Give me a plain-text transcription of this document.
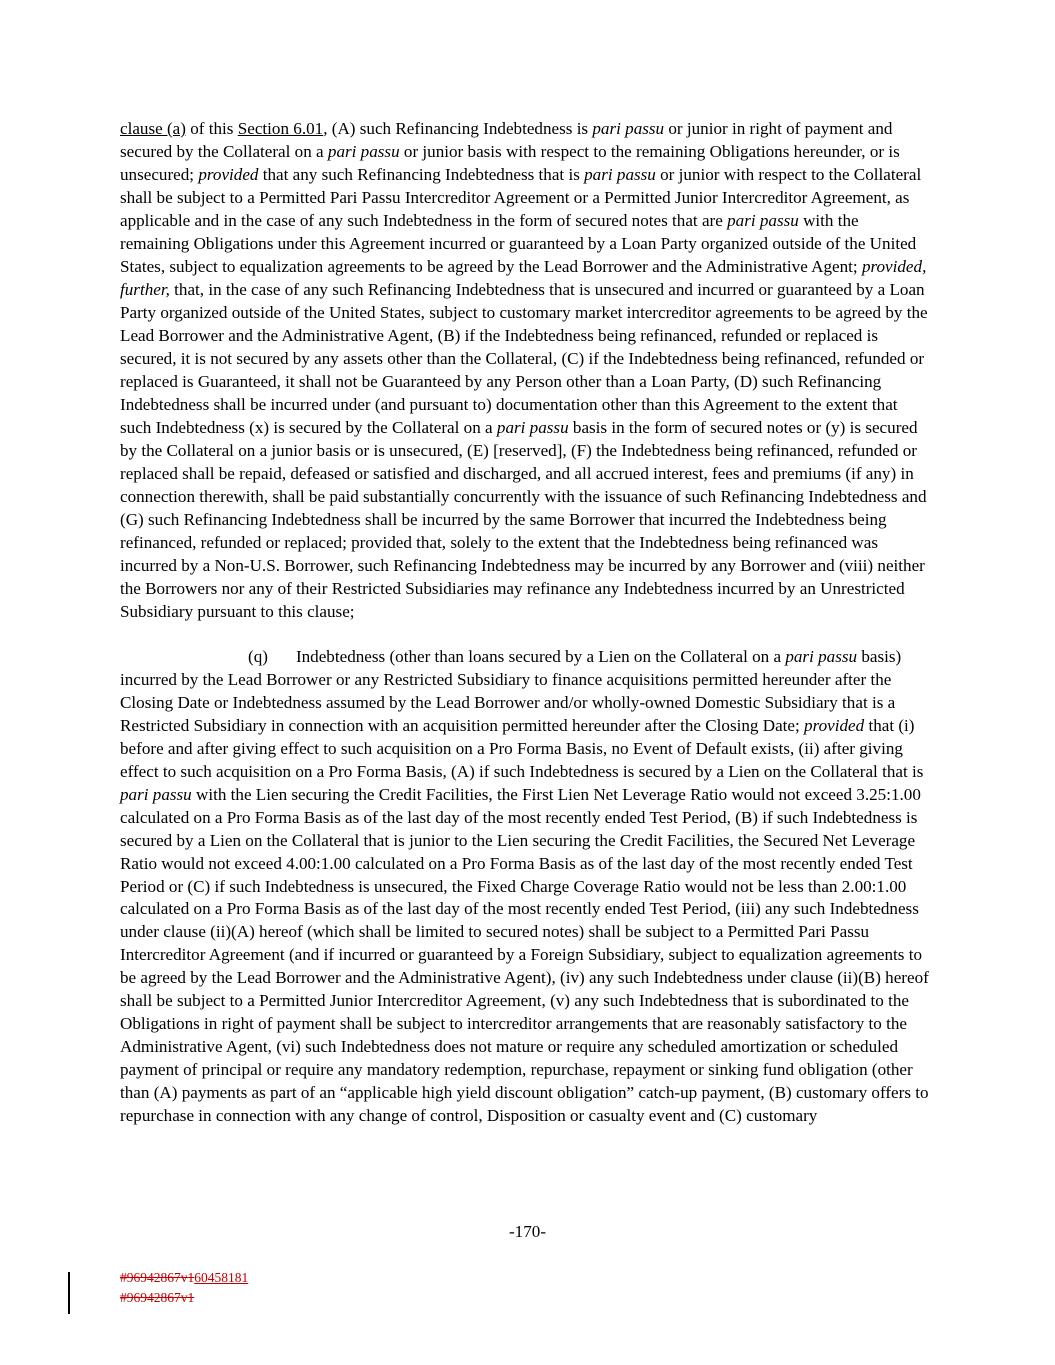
clause (a) of this Section 6.01, (A) such Refinancing Indebtedness is pari passu or junior in right of payment and secured by the Collateral on a pari passu or junior basis with respect to the remaining Obligations hereunder, or is unsecured; provided that any such Refinancing Indebtedness that is pari passu or junior with respect to the Collateral shall be subject to a Permitted Pari Passu Intercreditor Agreement or a Permitted Junior Intercreditor Agreement, as applicable and in the case of any such Indebtedness in the form of secured notes that are pari passu with the remaining Obligations under this Agreement incurred or guaranteed by a Loan Party organized outside of the United States, subject to equalization agreements to be agreed by the Lead Borrower and the Administrative Agent; provided, further, that, in the case of any such Refinancing Indebtedness that is unsecured and incurred or guaranteed by a Loan Party organized outside of the United States, subject to customary market intercreditor agreements to be agreed by the Lead Borrower and the Administrative Agent, (B) if the Indebtedness being refinanced, refunded or replaced is secured, it is not secured by any assets other than the Collateral, (C) if the Indebtedness being refinanced, refunded or replaced is Guaranteed, it shall not be Guaranteed by any Person other than a Loan Party, (D) such Refinancing Indebtedness shall be incurred under (and pursuant to) documentation other than this Agreement to the extent that such Indebtedness (x) is secured by the Collateral on a pari passu basis in the form of secured notes or (y) is secured by the Collateral on a junior basis or is unsecured, (E) [reserved], (F) the Indebtedness being refinanced, refunded or replaced shall be repaid, defeased or satisfied and discharged, and all accrued interest, fees and premiums (if any) in connection therewith, shall be paid substantially concurrently with the issuance of such Refinancing Indebtedness and (G) such Refinancing Indebtedness shall be incurred by the same Borrower that incurred the Indebtedness being refinanced, refunded or replaced; provided that, solely to the extent that the Indebtedness being refinanced was incurred by a Non-U.S. Borrower, such Refinancing Indebtedness may be incurred by any Borrower and (viii) neither the Borrowers nor any of their Restricted Subsidiaries may refinance any Indebtedness incurred by an Unrestricted Subsidiary pursuant to this clause;

(q) Indebtedness (other than loans secured by a Lien on the Collateral on a pari passu basis) incurred by the Lead Borrower or any Restricted Subsidiary to finance acquisitions permitted hereunder after the Closing Date or Indebtedness assumed by the Lead Borrower and/or wholly-owned Domestic Subsidiary that is a Restricted Subsidiary in connection with an acquisition permitted hereunder after the Closing Date; provided that (i) before and after giving effect to such acquisition on a Pro Forma Basis, no Event of Default exists, (ii) after giving effect to such acquisition on a Pro Forma Basis, (A) if such Indebtedness is secured by a Lien on the Collateral that is pari passu with the Lien securing the Credit Facilities, the First Lien Net Leverage Ratio would not exceed 3.25:1.00 calculated on a Pro Forma Basis as of the last day of the most recently ended Test Period, (B) if such Indebtedness is secured by a Lien on the Collateral that is junior to the Lien securing the Credit Facilities, the Secured Net Leverage Ratio would not exceed 4.00:1.00 calculated on a Pro Forma Basis as of the last day of the most recently ended Test Period or (C) if such Indebtedness is unsecured, the Fixed Charge Coverage Ratio would not be less than 2.00:1.00 calculated on a Pro Forma Basis as of the last day of the most recently ended Test Period, (iii) any such Indebtedness under clause (ii)(A) hereof (which shall be limited to secured notes) shall be subject to a Permitted Pari Passu Intercreditor Agreement (and if incurred or guaranteed by a Foreign Subsidiary, subject to equalization agreements to be agreed by the Lead Borrower and the Administrative Agent), (iv) any such Indebtedness under clause (ii)(B) hereof shall be subject to a Permitted Junior Intercreditor Agreement, (v) any such Indebtedness that is subordinated to the Obligations in right of payment shall be subject to intercreditor arrangements that are reasonably satisfactory to the Administrative Agent, (vi) such Indebtedness does not mature or require any scheduled amortization or scheduled payment of principal or require any mandatory redemption, repurchase, repayment or sinking fund obligation (other than (A) payments as part of an “applicable high yield discount obligation” catch-up payment, (B) customary offers to repurchase in connection with any change of control, Disposition or casualty event and (C) customary

-170-
#96942867v160458181
#96942867v1
